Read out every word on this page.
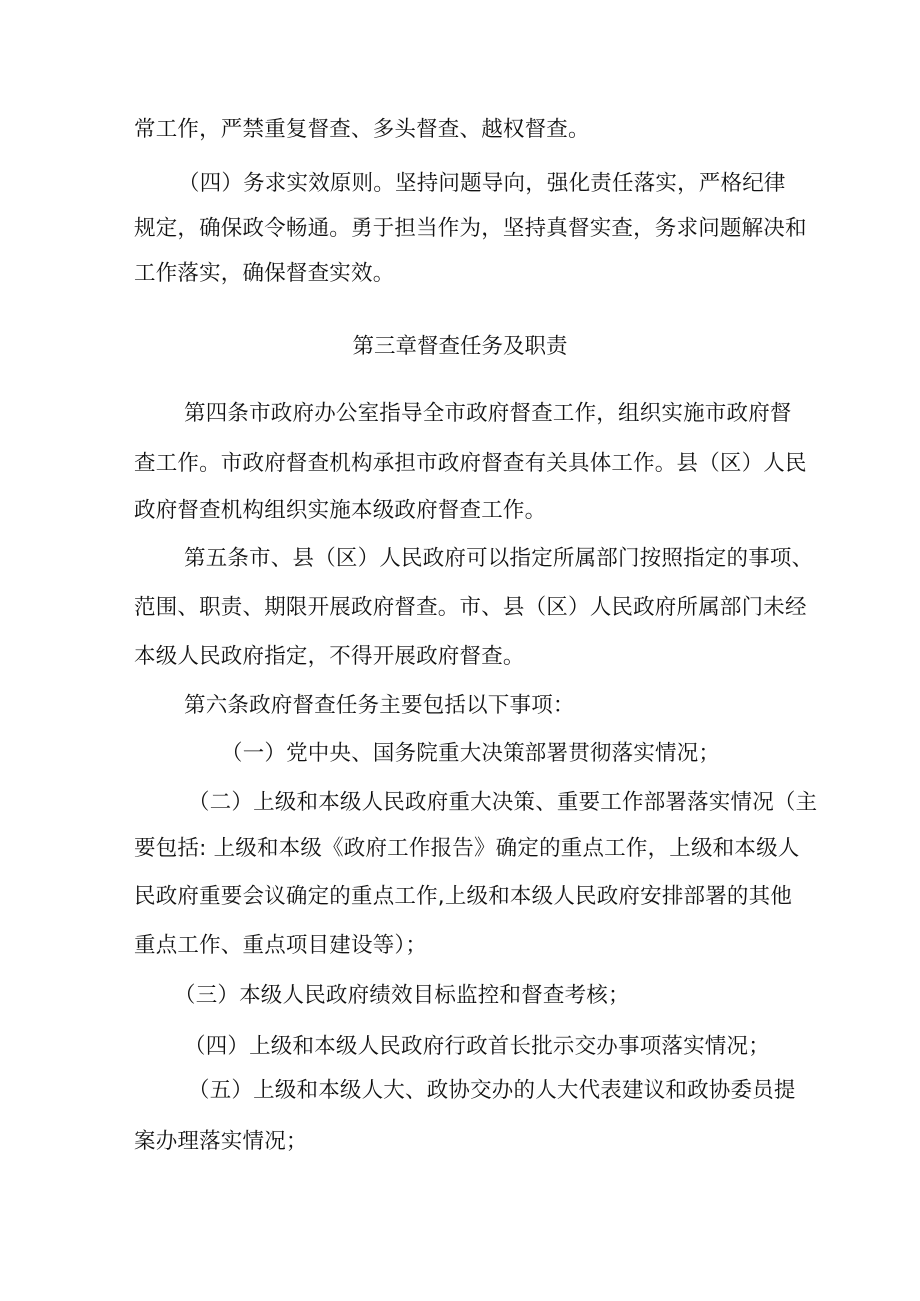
常工作，严禁重复督查、多头督查、越权督查。
（四）务求实效原则。坚持问题导向，强化责任落实，严格纪律
规定，确保政令畅通。勇于担当作为，坚持真督实查，务求问题解决和
工作落实，确保督查实效。
第三章督查任务及职责
第四条市政府办公室指导全市政府督查工作，组织实施市政府督
查工作。市政府督查机构承担市政府督查有关具体工作。县（区）人民
政府督查机构组织实施本级政府督查工作。
第五条市、县（区）人民政府可以指定所属部门按照指定的事项、
范围、职责、期限开展政府督查。市、县（区）人民政府所属部门未经
本级人民政府指定，不得开展政府督查。
第六条政府督查任务主要包括以下事项：
（一）党中央、国务院重大决策部署贯彻落实情况；
（二）上级和本级人民政府重大决策、重要工作部署落实情况（主
要包括: 上级和本级《政府工作报告》确定的重点工作，上级和本级人
民政府重要会议确定的重点工作,上级和本级人民政府安排部署的其他
重点工作、重点项目建设等）；
（三）本级人民政府绩效目标监控和督查考核；
（四）上级和本级人民政府行政首长批示交办事项落实情况；
（五）上级和本级人大、政协交办的人大代表建议和政协委员提
案办理落实情况；
